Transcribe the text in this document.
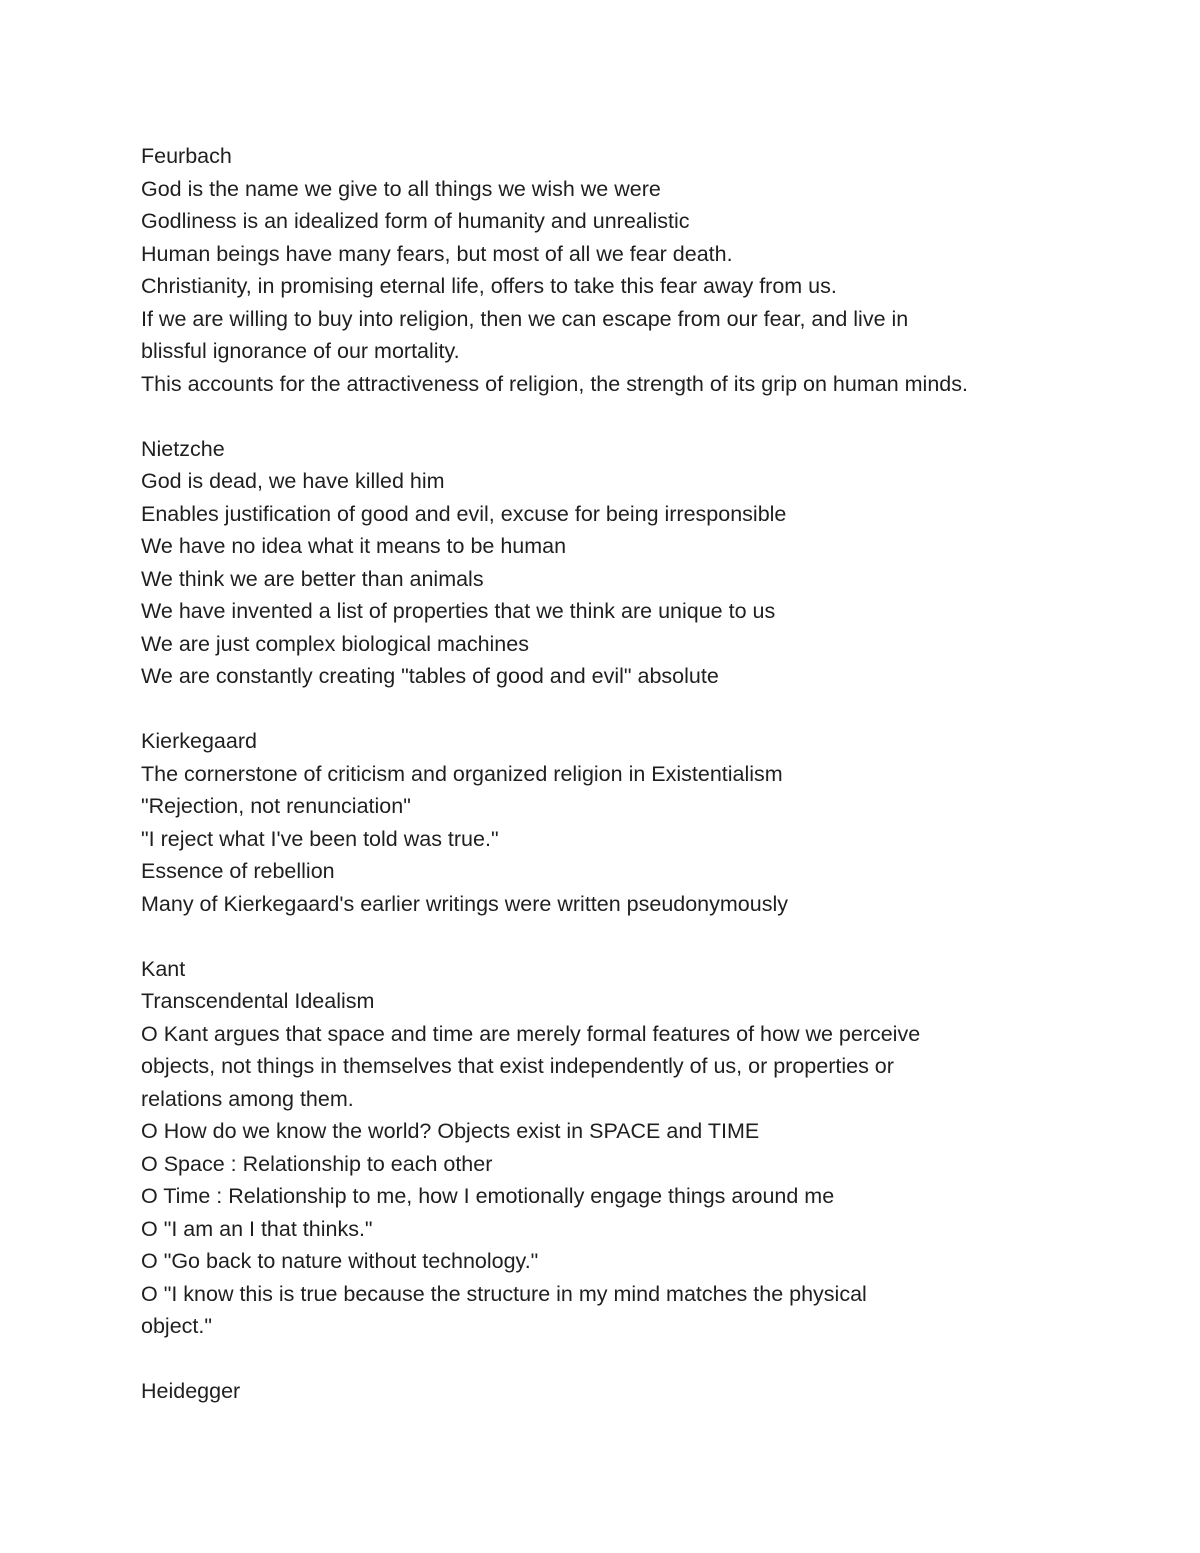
Feurbach

God is the name we give to all things we wish we were

Godliness is an idealized form of humanity and unrealistic

Human beings have many fears, but most of all we fear death.

Christianity, in promising eternal life, offers to take this fear away from us.

If we are willing to buy into religion, then we can escape from our fear, and live in

blissful ignorance of our mortality.

This accounts for the attractiveness of religion, the strength of its grip on human minds.

Nietzche

God is dead, we have killed him

Enables justification of good and evil, excuse for being irresponsible

We have no idea what it means to be human

We think we are better than animals

We have invented a list of properties that we think are unique to us

We are just complex biological machines

We are constantly creating "tables of good and evil" absolute

Kierkegaard

The cornerstone of criticism and organized religion in Existentialism

"Rejection, not renunciation"

"I reject what I've been told was true."

Essence of rebellion

Many of Kierkegaard's earlier writings were written pseudonymously

Kant

Transcendental Idealism

O Kant argues that space and time are merely formal features of how we perceive

objects, not things in themselves that exist independently of us, or properties or

relations among them.

O How do we know the world? Objects exist in SPACE and TIME

O Space : Relationship to each other

O Time : Relationship to me, how I emotionally engage things around me

O "I am an I that thinks."

O "Go back to nature without technology."

O "I know this is true because the structure in my mind matches the physical

object."

Heidegger
